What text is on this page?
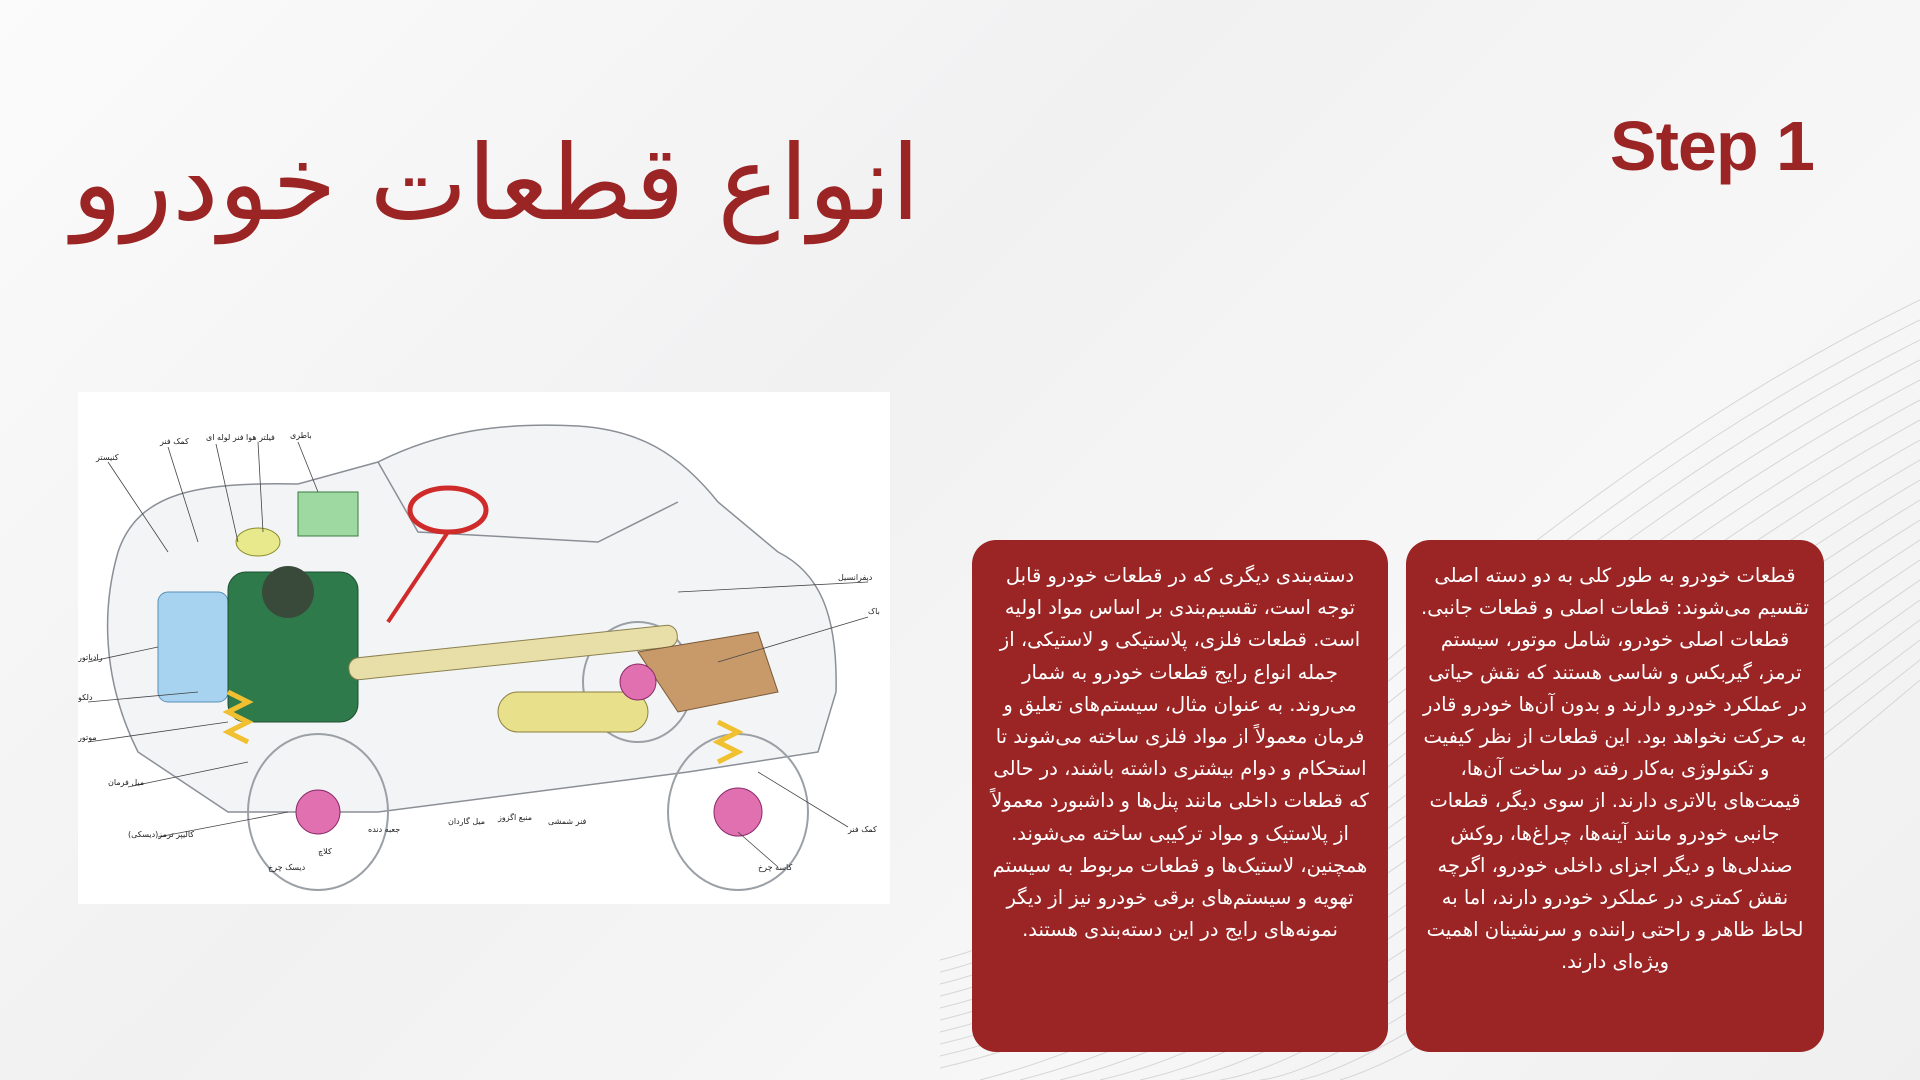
انواع قطعات خودرو	Step 1
کنیستر
کمک فنر فنر لوله ای فیلتر هوا باطری
رادیاتور
دلکو
موتور
میل فرمان
کالیپر ترمز(دیسکی)
دیسک چرخ
کلاچ
جعبه دنده
میل گاردان منبع اگزوز فنر شمشی
کمک فنر
کاسه چرخ
دیفرانسیل
باک
دسته‌بندی دیگری که در قطعات خودرو قابل توجه است، تقسیم‌بندی بر اساس مواد اولیه است. قطعات فلزی، پلاستیکی و لاستیکی، از جمله انواع رایج قطعات خودرو به شمار می‌روند. به عنوان مثال، سیستم‌های تعلیق و فرمان معمولاً از مواد فلزی ساخته می‌شوند تا استحکام و دوام بیشتری داشته باشند، در حالی که قطعات داخلی مانند پنل‌ها و داشبورد معمولاً از پلاستیک و مواد ترکیبی ساخته می‌شوند. همچنین، لاستیک‌ها و قطعات مربوط به سیستم تهویه و سیستم‌های برقی خودرو نیز از دیگر نمونه‌های رایج در این دسته‌بندی هستند.
قطعات خودرو به طور کلی به دو دسته اصلی تقسیم می‌شوند: قطعات اصلی و قطعات جانبی. قطعات اصلی خودرو، شامل موتور، سیستم ترمز، گیربکس و شاسی هستند که نقش حیاتی در عملکرد خودرو دارند و بدون آن‌ها خودرو قادر به حرکت نخواهد بود. این قطعات از نظر کیفیت و تکنولوژی به‌کار رفته در ساخت آن‌ها، قیمت‌های بالاتری دارند. از سوی دیگر، قطعات جانبی خودرو مانند آینه‌ها، چراغ‌ها، روکش صندلی‌ها و دیگر اجزای داخلی خودرو، اگرچه نقش کمتری در عملکرد خودرو دارند، اما به لحاظ ظاهر و راحتی راننده و سرنشینان اهمیت ویژه‌ای دارند.
